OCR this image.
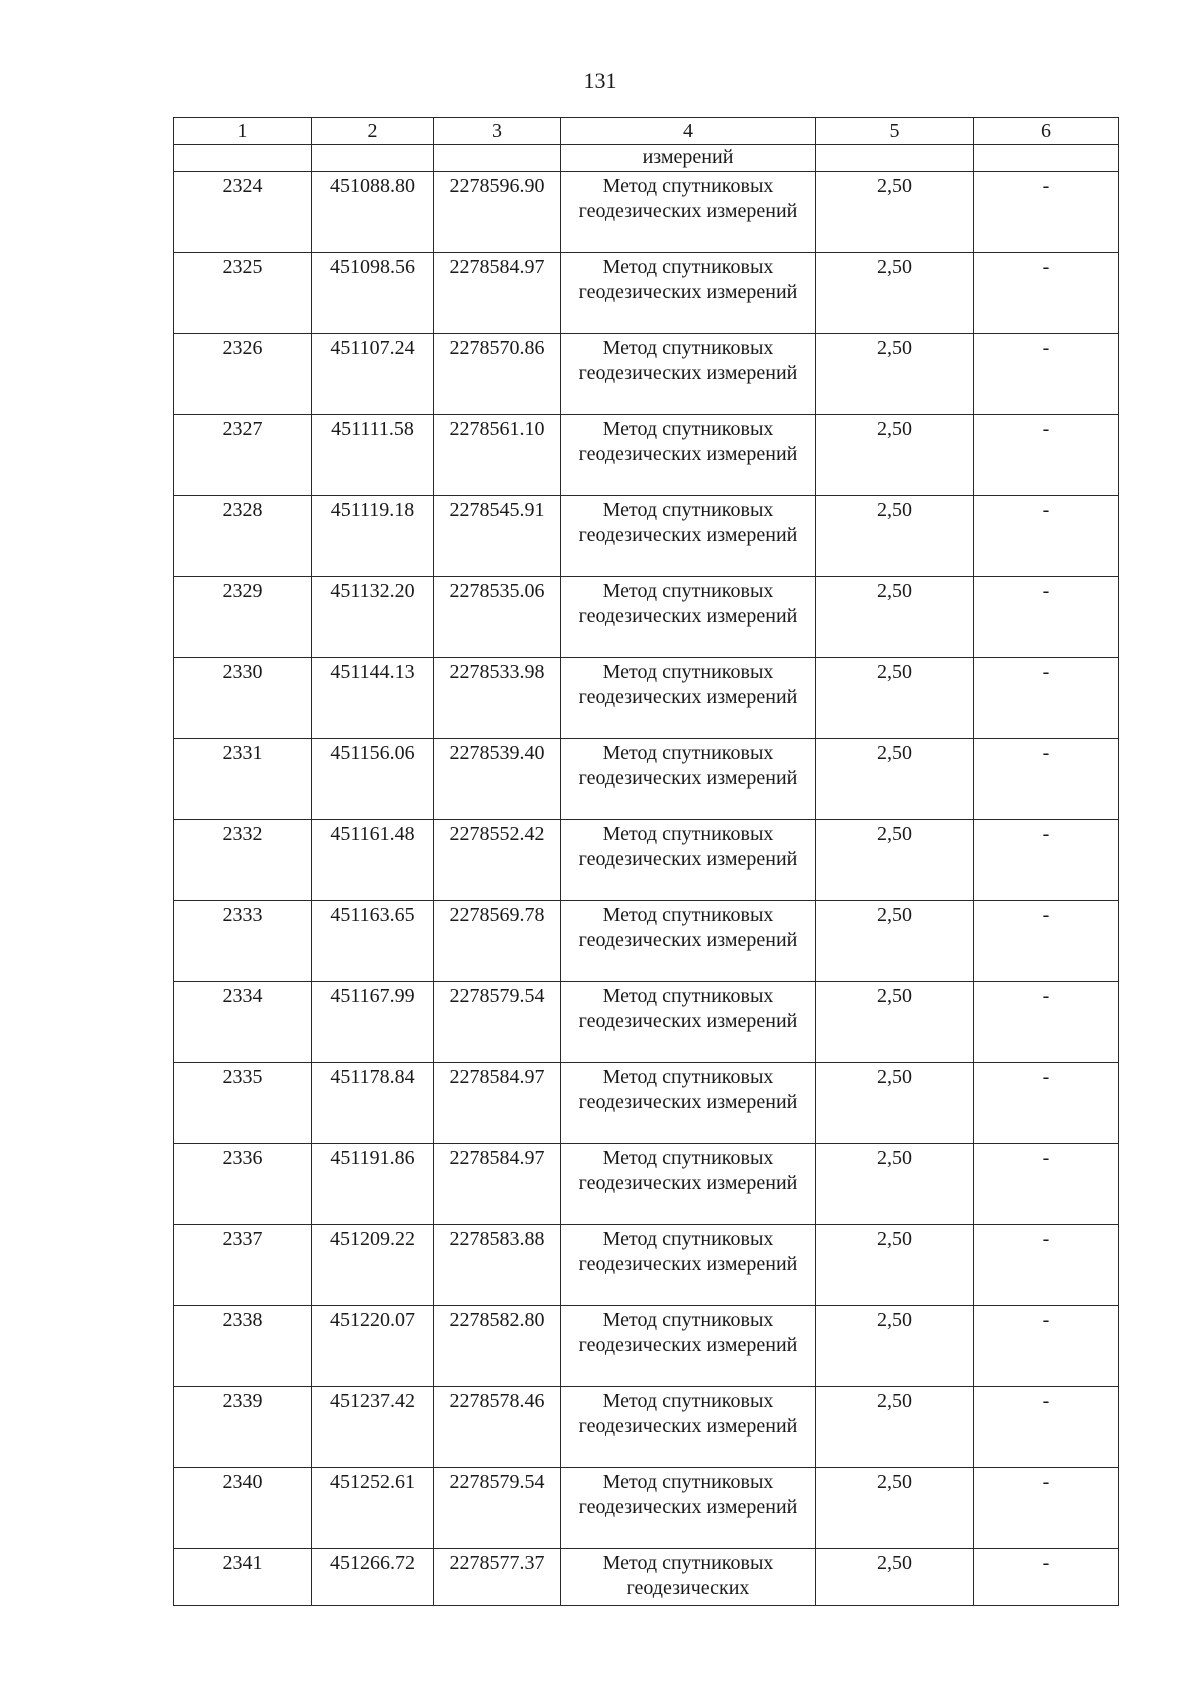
131
1	2	3	4	5	6
			измерений		
2324	451088.80	2278596.90	Метод спутниковых геодезических измерений	2,50	-
2325	451098.56	2278584.97	Метод спутниковых геодезических измерений	2,50	-
2326	451107.24	2278570.86	Метод спутниковых геодезических измерений	2,50	-
2327	451111.58	2278561.10	Метод спутниковых геодезических измерений	2,50	-
2328	451119.18	2278545.91	Метод спутниковых геодезических измерений	2,50	-
2329	451132.20	2278535.06	Метод спутниковых геодезических измерений	2,50	-
2330	451144.13	2278533.98	Метод спутниковых геодезических измерений	2,50	-
2331	451156.06	2278539.40	Метод спутниковых геодезических измерений	2,50	-
2332	451161.48	2278552.42	Метод спутниковых геодезических измерений	2,50	-
2333	451163.65	2278569.78	Метод спутниковых геодезических измерений	2,50	-
2334	451167.99	2278579.54	Метод спутниковых геодезических измерений	2,50	-
2335	451178.84	2278584.97	Метод спутниковых геодезических измерений	2,50	-
2336	451191.86	2278584.97	Метод спутниковых геодезических измерений	2,50	-
2337	451209.22	2278583.88	Метод спутниковых геодезических измерений	2,50	-
2338	451220.07	2278582.80	Метод спутниковых геодезических измерений	2,50	-
2339	451237.42	2278578.46	Метод спутниковых геодезических измерений	2,50	-
2340	451252.61	2278579.54	Метод спутниковых геодезических измерений	2,50	-
2341	451266.72	2278577.37	Метод спутниковых геодезических	2,50	-
